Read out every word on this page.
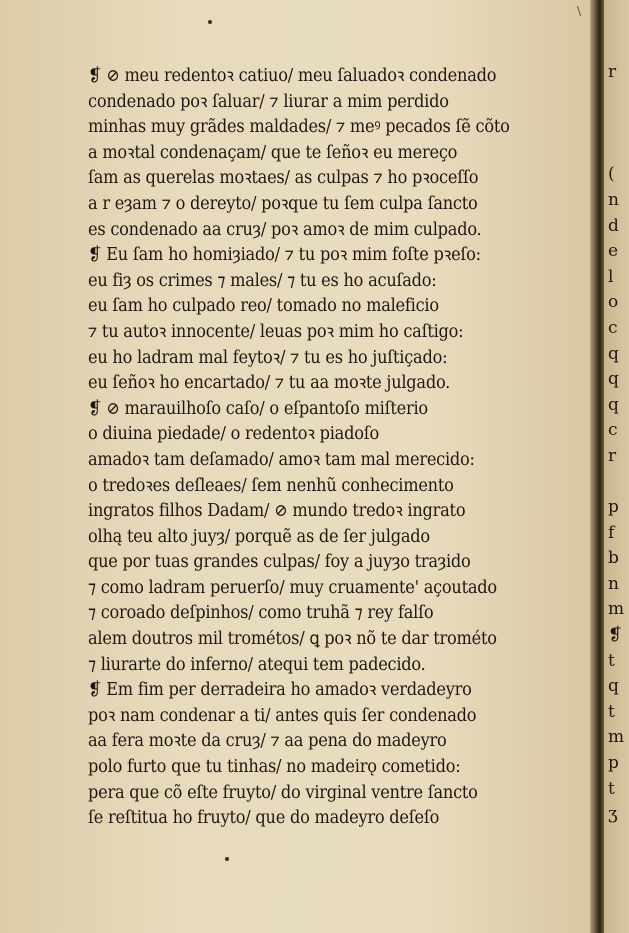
\
❡ ⊘ meu redentoꝛ catiuo/ meu ſaluadoꝛ condenado
condenado poꝛ ſaluar/ ⁊ liurar a mim perdido
minhas muy grãdes maldades/ ⁊ meꝰ pecados ſẽ cõto
a moꝛtal condenaçam/ que te ſeñoꝛ eu mereço
ſam as querelas moꝛtaes/ as culpas ⁊ ho pꝛoceſſo
a r eȝam ⁊ o dereyto/ poꝛque tu ſem culpa ſancto
es condenado aa cruȝ/ poꝛ amoꝛ de mim culpado.
❡ Eu ſam ho homiȝiado/ ⁊ tu poꝛ mim foſte pꝛeſo:
eu fiȝ os crimes ⁊ males/ ⁊ tu es ho acuſado:
eu ſam ho culpado reo/ tomado no maleficio
⁊ tu autoꝛ innocente/ leuas poꝛ mim ho caſtigo:
eu ho ladram mal feytoꝛ/ ⁊ tu es ho juſtiçado:
eu ſeñoꝛ ho encartado/ ⁊ tu aa moꝛte julgado.
❡ ⊘ marauilhoſo caſo/ o eſpantoſo miſterio
o diuina piedade/ o redentoꝛ piadoſo
amadoꝛ tam deſamado/ amoꝛ tam mal merecido:
o tredoꝛes deſleaes/ ſem nenhũ conhecimento
ingratos filhos Dadam/ ⊘ mundo tredoꝛ ingrato
olhą teu alto juyȝ/ porquẽ as de ſer julgado
que por tuas grandes culpas/ foy a juyȝo traȝido
⁊ como ladram peruerſo/ muy cruamente' açoutado
⁊ coroado deſpinhos/ como truhã ⁊ rey falſo
alem doutros mil trométos/ ꝗ poꝛ nõ te dar trométo
⁊ liurarte do inferno/ atequi tem padecido.
❡ Em fim per derradeira ho amadoꝛ verdadeyro
poꝛ nam condenar a ti/ antes quis ſer condenado
aa fera moꝛte da cruȝ/ ⁊ aa pena do madeyro
polo furto que tu tinhas/ no madeirǫ cometido:
pera que cõ eſte fruyto/ do virginal ventre ſancto
ſe reſtitua ho fruyto/ que do madeyro deſeſo
r
(
n
d
e
l
o
c
q
q
q
c
r
p
f
b
n
m
❡
t
q
t
m
p
t
ʒ
